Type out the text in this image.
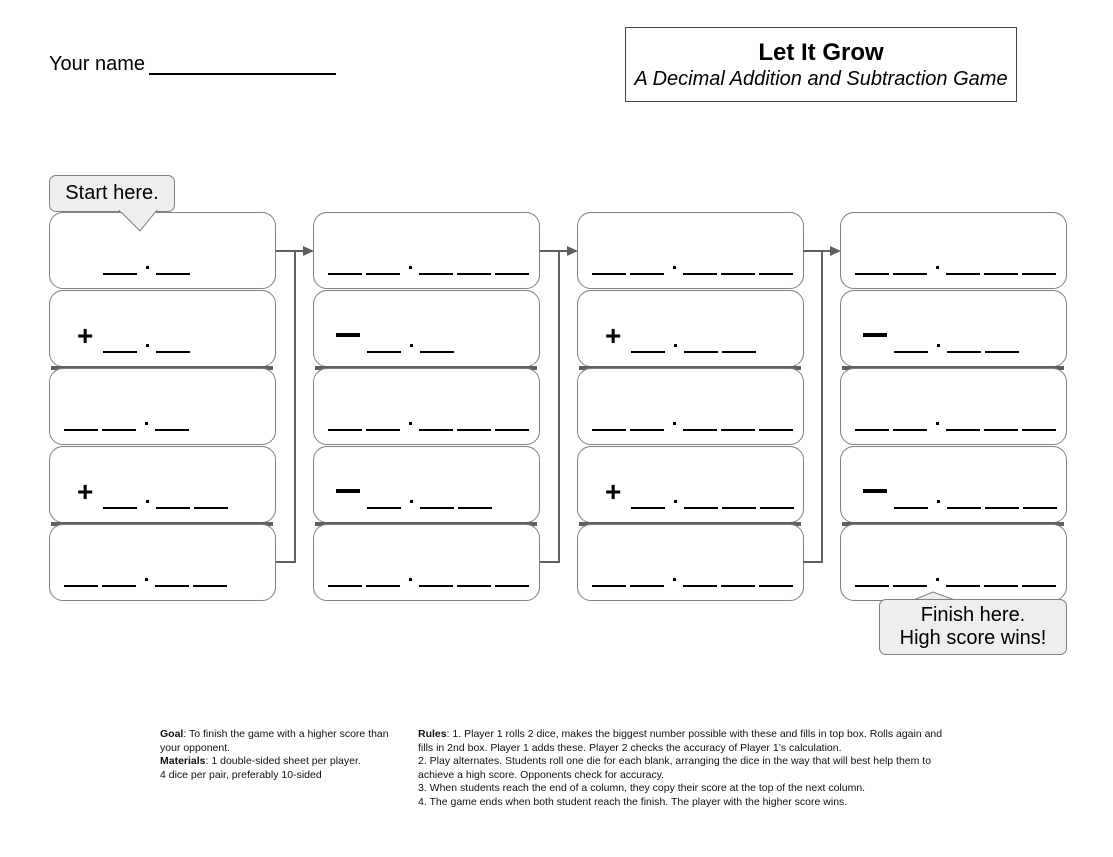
Your name	Let It Grow
A Decimal Addition and Subtraction Game
+
+
+
+
Start here.
Finish here.
High score wins!
Goal: To finish the game with a higher score than your opponent.
Materials: 1 double-sided sheet per player.
4 dice per pair, preferably 10-sided
Rules: 1. Player 1 rolls 2 dice, makes the biggest number possible with these and fills in top box. Rolls again and fills in 2nd box. Player 1 adds these. Player 2 checks the accuracy of Player 1’s calculation.
2. Play alternates. Students roll one die for each blank, arranging the dice in the way that will best help them to achieve a high score. Opponents check for accuracy.
3. When students reach the end of a column, they copy their score at the top of the next column.
4. The game ends when both student reach the finish. The player with the higher score wins.
